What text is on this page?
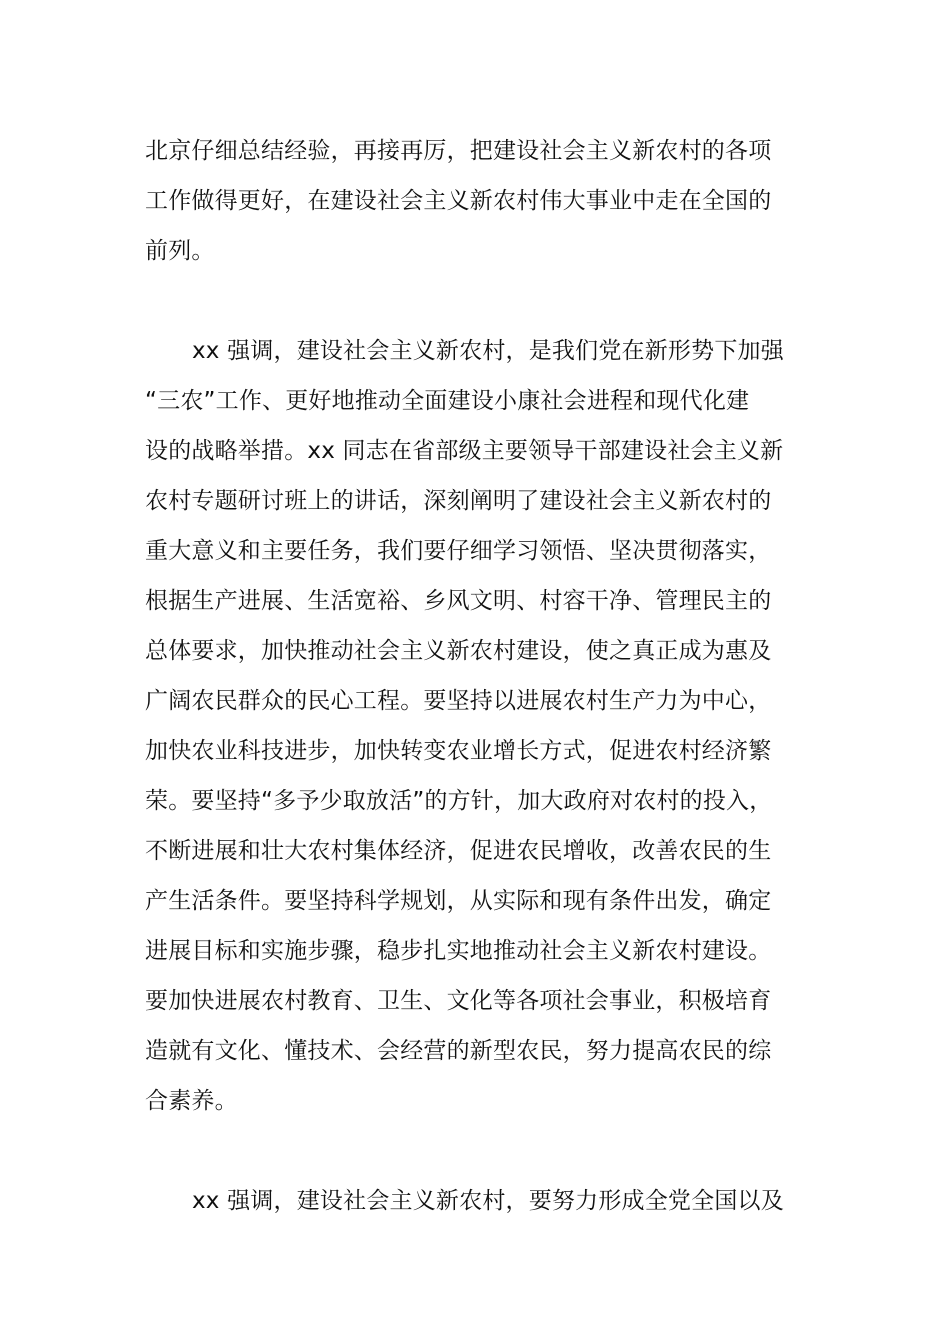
北京仔细总结经验，再接再厉，把建设社会主义新农村的各项
工作做得更好，在建设社会主义新农村伟大事业中走在全国的
前列。
xx 强调，建设社会主义新农村，是我们党在新形势下加强
“三农”工作、更好地推动全面建设小康社会进程和现代化建
设的战略举措。xx 同志在省部级主要领导干部建设社会主义新
农村专题研讨班上的讲话，深刻阐明了建设社会主义新农村的
重大意义和主要任务，我们要仔细学习领悟、坚决贯彻落实，
根据生产进展、生活宽裕、乡风文明、村容干净、管理民主的
总体要求，加快推动社会主义新农村建设，使之真正成为惠及
广阔农民群众的民心工程。要坚持以进展农村生产力为中心，
加快农业科技进步，加快转变农业增长方式，促进农村经济繁
荣。要坚持“多予少取放活”的方针，加大政府对农村的投入，
不断进展和壮大农村集体经济，促进农民增收，改善农民的生
产生活条件。要坚持科学规划，从实际和现有条件出发，确定
进展目标和实施步骤，稳步扎实地推动社会主义新农村建设。
要加快进展农村教育、卫生、文化等各项社会事业，积极培育
造就有文化、懂技术、会经营的新型农民，努力提高农民的综
合素养。
xx 强调，建设社会主义新农村，要努力形成全党全国以及
